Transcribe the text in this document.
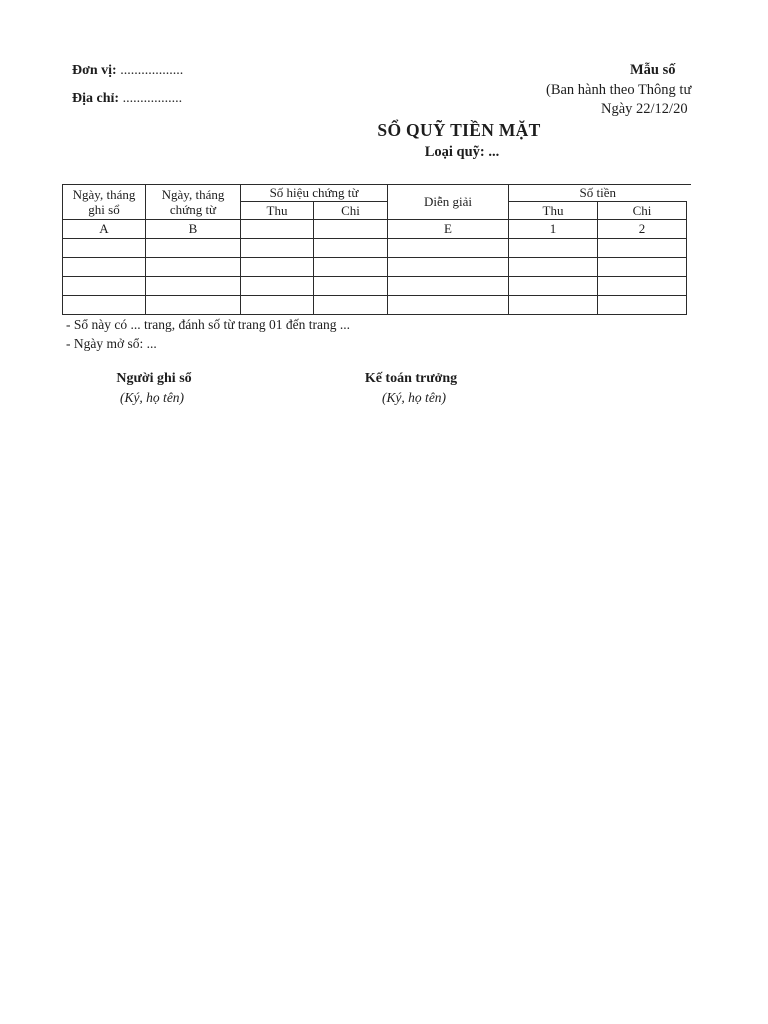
Đơn vị: ..................
Địa chỉ: .................
Mẫu số
(Ban hành theo Thông tư
Ngày 22/12/20
SỔ QUỸ TIỀN MẶT
Loại quỹ: ...
Ngày, tháng ghi sổ	Ngày, tháng chứng từ	Số hiệu chứng từ		Diễn giải	Số tiền	
		Thu	Chi		Thu	Chi
A	B			E	1	2

- Sổ này có ... trang, đánh số từ trang 01 đến trang ...
- Ngày mở sổ: ...
Người ghi sổ
(Ký, họ tên)
Kế toán trưởng
(Ký, họ tên)
